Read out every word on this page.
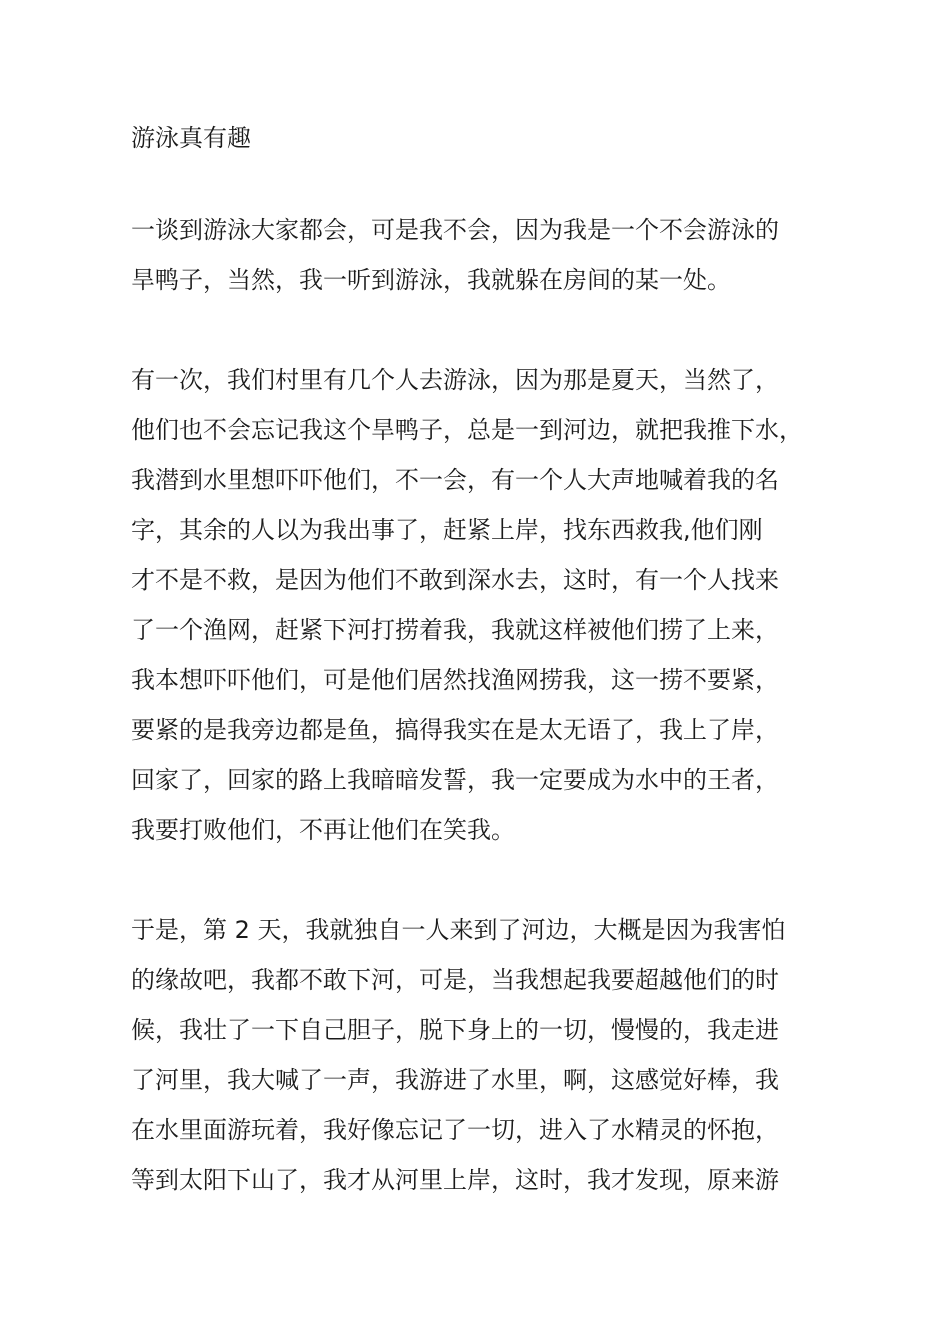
游泳真有趣
一谈到游泳大家都会，可是我不会，因为我是一个不会游泳的
旱鸭子，当然，我一听到游泳，我就躲在房间的某一处。
有一次，我们村里有几个人去游泳，因为那是夏天，当然了，
他们也不会忘记我这个旱鸭子，总是一到河边，就把我推下水，
我潜到水里想吓吓他们，不一会，有一个人大声地喊着我的名
字，其余的人以为我出事了，赶紧上岸，找东西救我,他们刚
才不是不救，是因为他们不敢到深水去，这时，有一个人找来
了一个渔网，赶紧下河打捞着我，我就这样被他们捞了上来，
我本想吓吓他们，可是他们居然找渔网捞我，这一捞不要紧，
要紧的是我旁边都是鱼，搞得我实在是太无语了，我上了岸，
回家了，回家的路上我暗暗发誓，我一定要成为水中的王者，
我要打败他们，不再让他们在笑我。
于是，第 2 天，我就独自一人来到了河边，大概是因为我害怕
的缘故吧，我都不敢下河，可是，当我想起我要超越他们的时
候，我壮了一下自己胆子，脱下身上的一切，慢慢的，我走进
了河里，我大喊了一声，我游进了水里，啊，这感觉好棒，我
在水里面游玩着，我好像忘记了一切，进入了水精灵的怀抱，
等到太阳下山了，我才从河里上岸，这时，我才发现，原来游
